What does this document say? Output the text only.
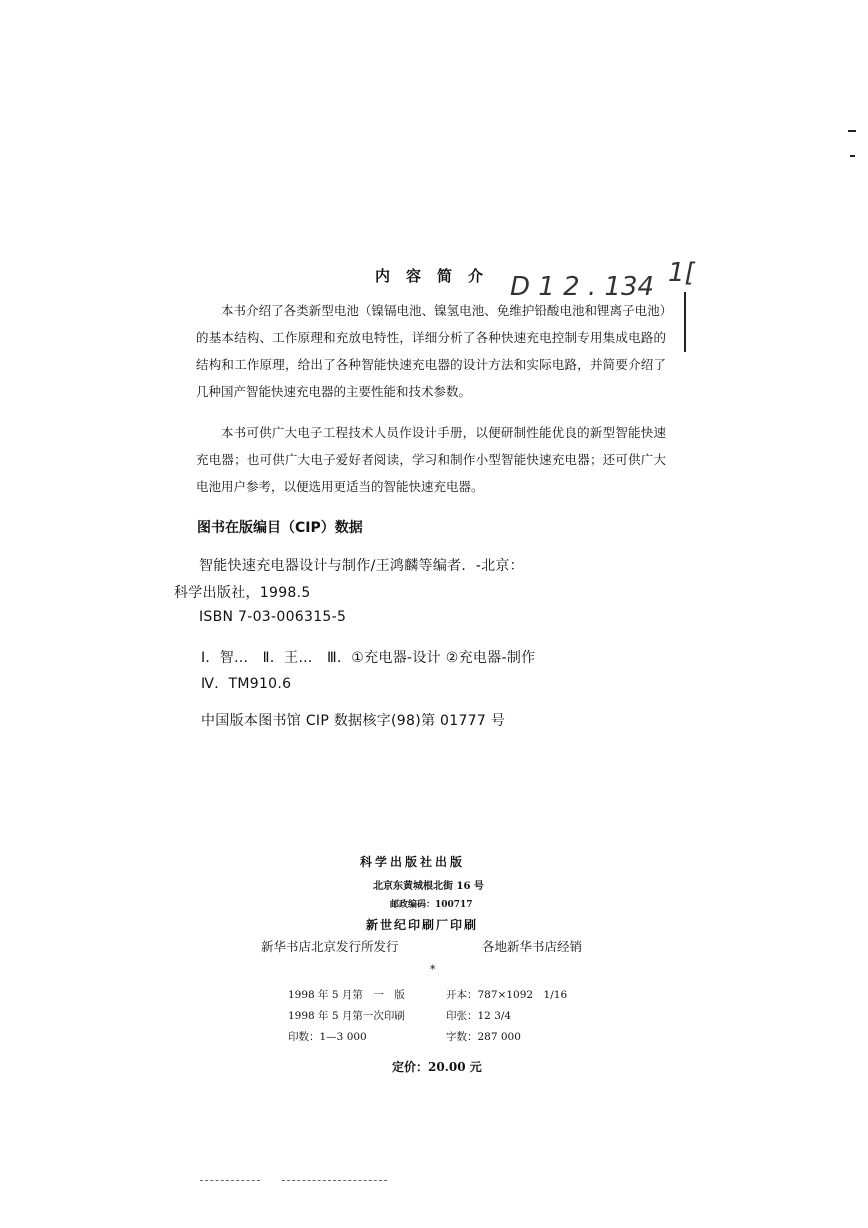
内容简介
本书介绍了各类新型电池（镍镉电池、镍氢电池、免维护铅酸电池和锂离子电池）的基本结构、工作原理和充放电特性，详细分析了各种快速充电控制专用集成电路的结构和工作原理，给出了各种智能快速充电器的设计方法和实际电路，并简要介绍了几种国产智能快速充电器的主要性能和技术参数。
本书可供广大电子工程技术人员作设计手册，以便研制性能优良的新型智能快速充电器；也可供广大电子爱好者阅读，学习和制作小型智能快速充电器；还可供广大电池用户参考，以便选用更适当的智能快速充电器。
D 1 2 . 134 1[
图书在版编目（CIP）数据
智能快速充电器设计与制作/王鸿麟等编者．-北京：
科学出版社，1998.5
ISBN 7-03-006315-5
Ⅰ．智…　Ⅱ．王…　Ⅲ．①充电器-设计 ②充电器-制作
Ⅳ．TM910.6
中国版本图书馆 CIP 数据核字(98)第 01777 号
科学出版社出版
北京东黄城根北街 16 号
邮政编码：100717
新世纪印刷厂印刷
新华书店北京发行所发行	各地新华书店经销
*
1998 年 5 月第　一　版	开本：787×1092　1/16
1998 年 5 月第一次印刷	印张：12 3/4
印数：1—3 000	字数：287 000
定价：20.00 元
